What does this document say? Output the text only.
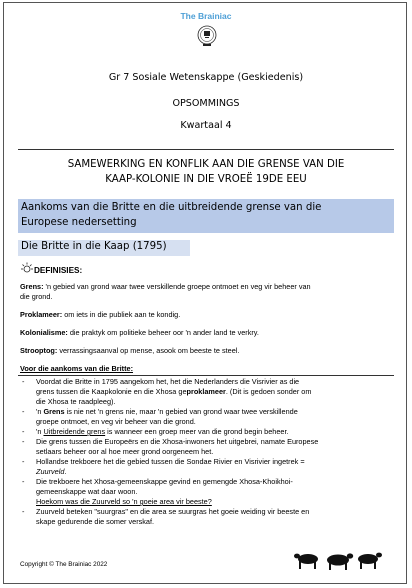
The Brainiac
Gr 7 Sosiale Wetenskappe (Geskiedenis)
OPSOMMINGS
Kwartaal 4
SAMEWERKING EN KONFLIK AAN DIE GRENSE VAN DIE
KAAP-KOLONIE IN DIE VROEË 19DE EEU
Aankoms van die Britte en die uitbreidende grense van die
Europese nedersetting
Die Britte in die Kaap (1795)
DEFINISIES:
Grens: 'n gebied van grond waar twee verskillende groepe ontmoet en veg vir beheer van
die grond.
Proklameer: om iets in die publiek aan te kondig.
Kolonialisme: die praktyk om politieke beheer oor 'n ander land te verkry.
Strooptog: verrassingsaanval op mense, asook om beeste te steel.
Voor die aankoms van die Britte:
- Voordat die Britte in 1795 aangekom het, het die Nederlanders die Visrivier as die
grens tussen die Kaapkolonie en die Xhosa geproklameer. (Dit is gedoen sonder om
die Xhosa te raadpleeg).
- 'n Grens is nie net 'n grens nie, maar 'n gebied van grond waar twee verskillende
groepe ontmoet, en veg vir beheer van die grond.
- 'n Uitbreidende grens is wanneer een groep meer van die grond begin beheer.
- Die grens tussen die Europeërs en die Xhosa-inwoners het uitgebrei, namate Europese
setlaars beheer oor al hoe meer grond oorgeneem het.
- Hollandse trekboere het die gebied tussen die Sondae Rivier en Visrivier ingetrek =
Zuurveld.
- Die trekboere het Xhosa-gemeenskappe gevind en gemengde Xhosa-Khoikhoi-
gemeenskappe wat daar woon.
Hoekom was die Zuurveld so 'n goeie area vir beeste?
- Zuurveld beteken "suurgras" en die area se suurgras het goeie weiding vir beeste en
skape gedurende die somer verskaf.
Copyright © The Brainiac 2022
